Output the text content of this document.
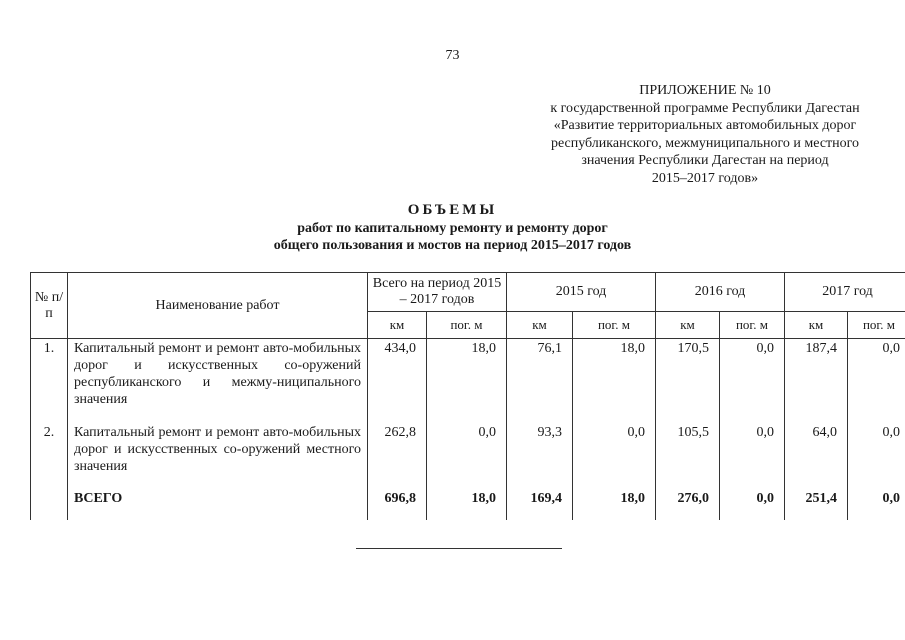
73
ПРИЛОЖЕНИЕ № 10
к государственной программе Республики Дагестан
«Развитие территориальных автомобильных дорог
республиканского, межмуниципального и местного
значения Республики Дагестан на период
2015–2017 годов»
ОБЪЕМЫ
работ по капитальному ремонту и ремонту дорог
общего пользования и мостов на период 2015–2017 годов
№ п/п	Наименование работ	Всего на период 2015 – 2017 годов		2015 год		2016 год		2017 год	
		км	пог. м	км	пог. м	км	пог. м	км	пог. м
1.	Капитальный ремонт и ремонт авто-мобильных дорог и искусственных со-оружений республиканского и межму-ниципального значения	434,0	18,0	76,1	18,0	170,5	0,0	187,4	0,0
2.	Капитальный ремонт и ремонт авто-мобильных дорог и искусственных со-оружений местного значения	262,8	0,0	93,3	0,0	105,5	0,0	64,0	0,0
	ВСЕГО	696,8	18,0	169,4	18,0	276,0	0,0	251,4	0,0
